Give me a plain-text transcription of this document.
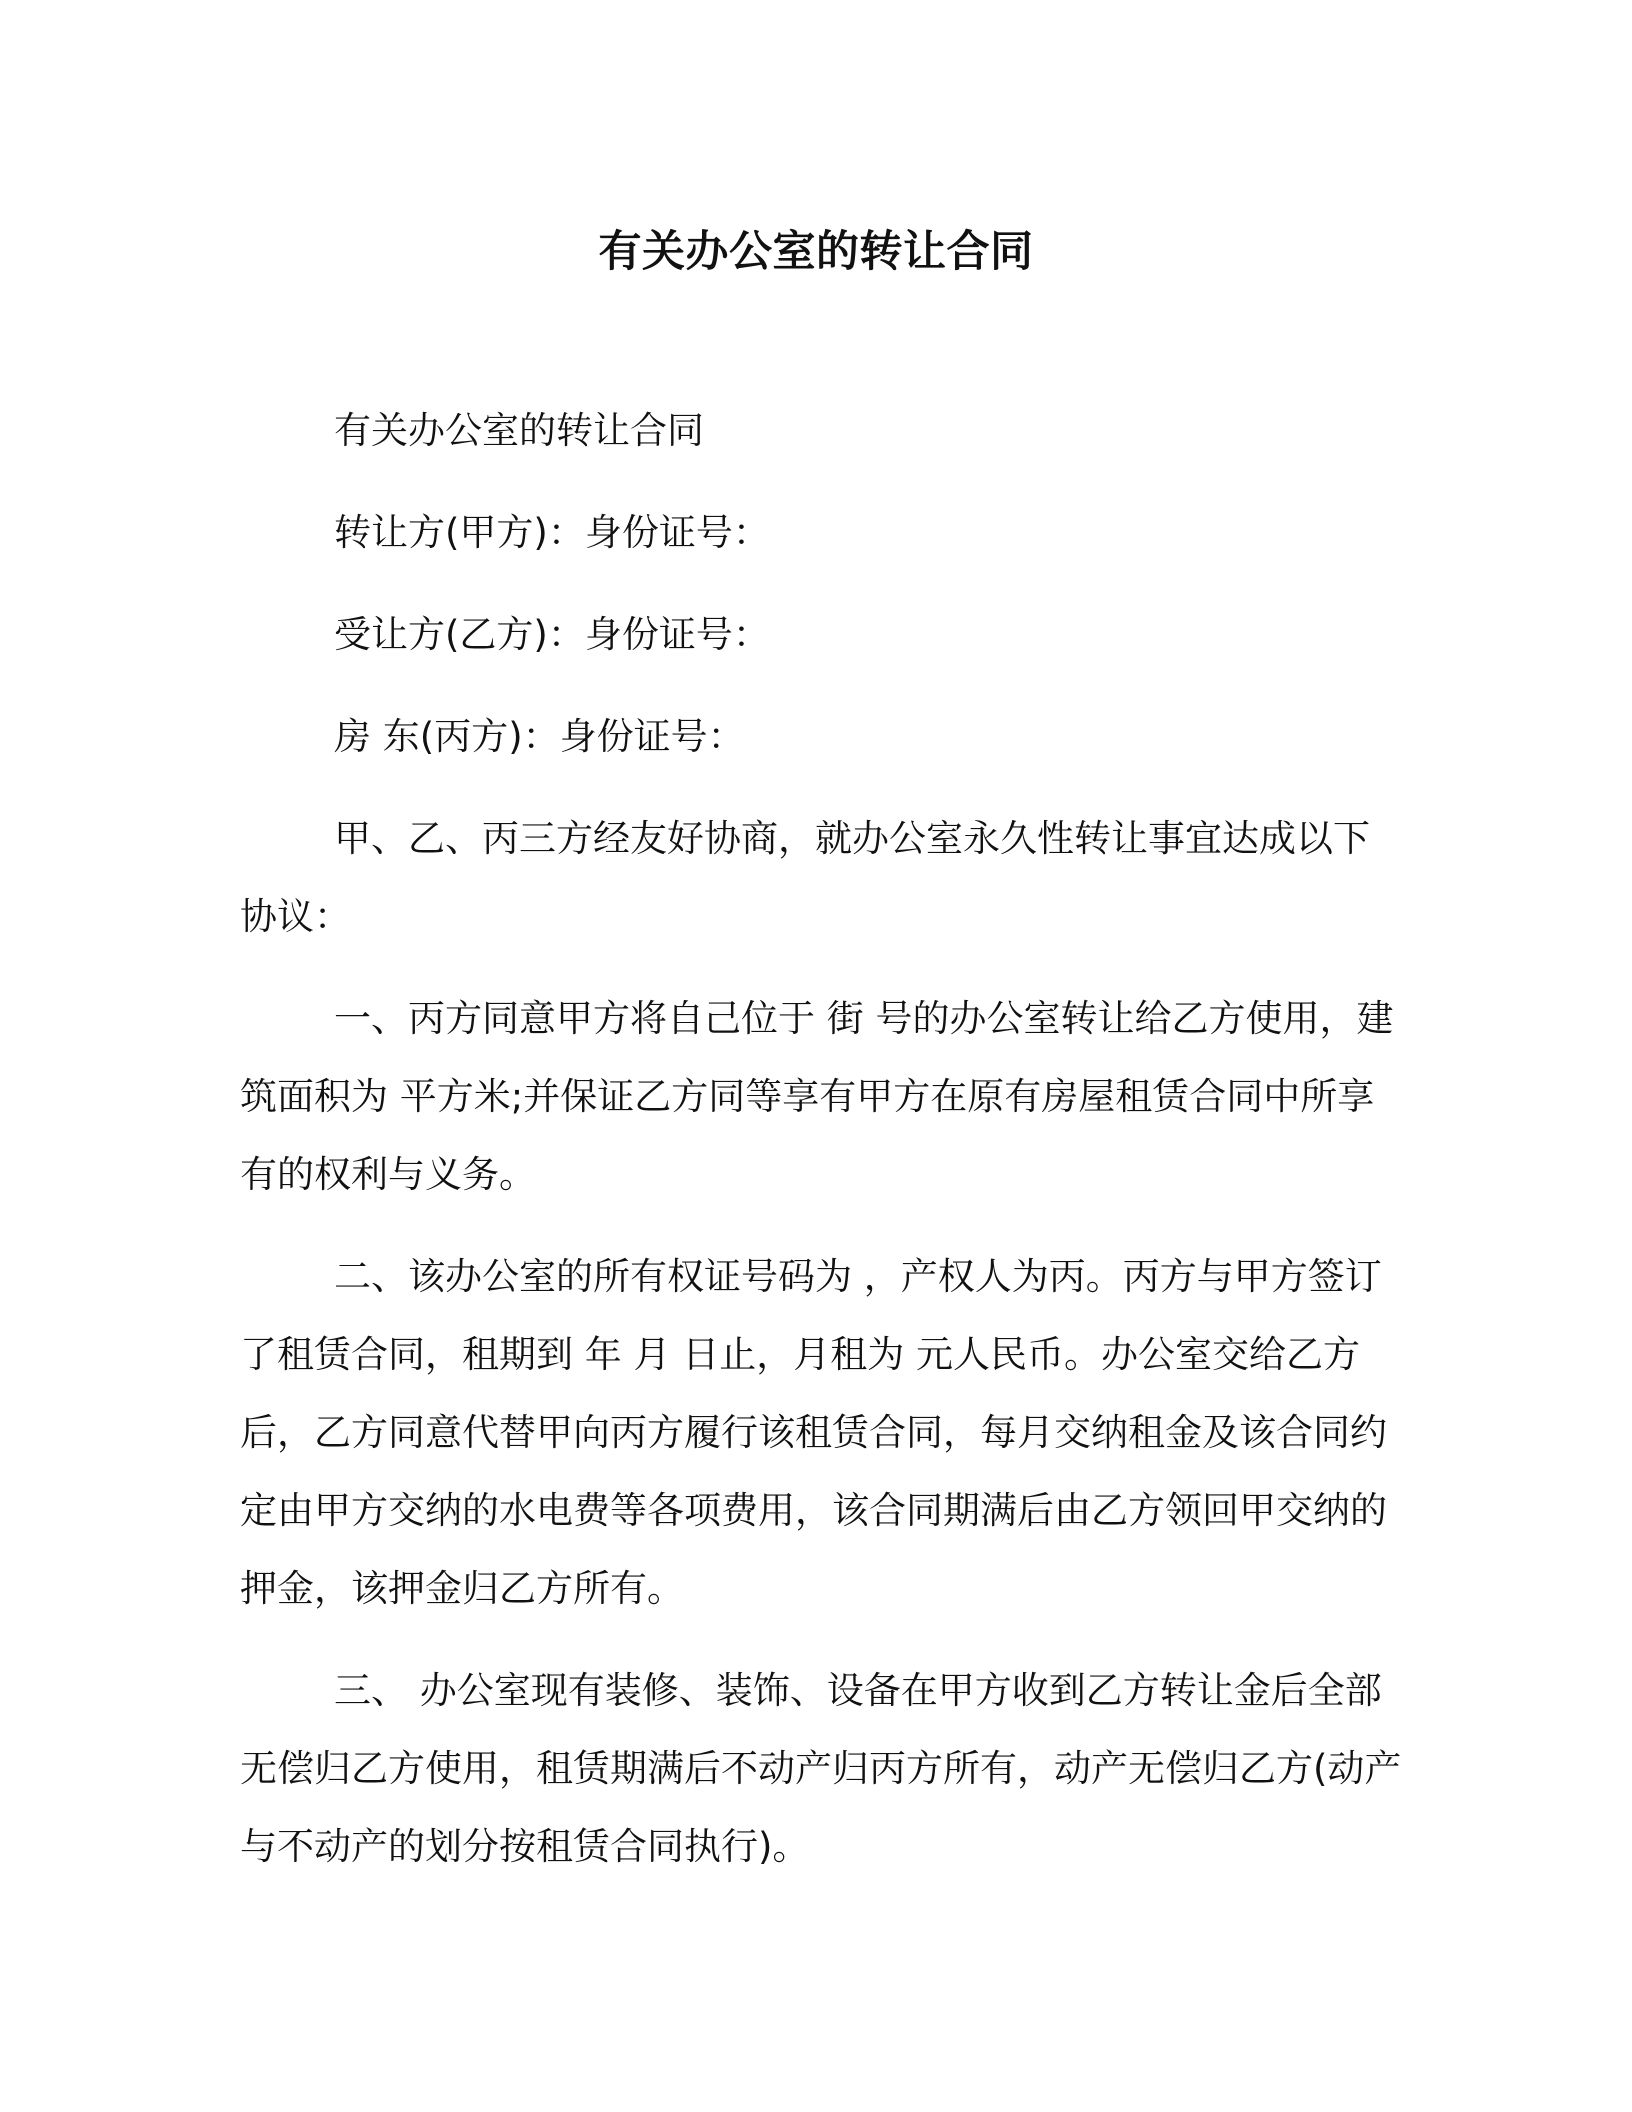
有关办公室的转让合同

有关办公室的转让合同

转让方(甲方)：身份证号：

受让方(乙方)：身份证号：

房 东(丙方)：身份证号：

甲、乙、丙三方经友好协商，就办公室永久性转让事宜达成以下协议：

一、丙方同意甲方将自己位于 街 号的办公室转让给乙方使用，建筑面积为 平方米;并保证乙方同等享有甲方在原有房屋租赁合同中所享有的权利与义务。

二、该办公室的所有权证号码为 ，产权人为丙。丙方与甲方签订了租赁合同，租期到 年 月 日止，月租为 元人民币。办公室交给乙方后，乙方同意代替甲向丙方履行该租赁合同，每月交纳租金及该合同约定由甲方交纳的水电费等各项费用，该合同期满后由乙方领回甲交纳的押金，该押金归乙方所有。

三、 办公室现有装修、装饰、设备在甲方收到乙方转让金后全部无偿归乙方使用，租赁期满后不动产归丙方所有，动产无偿归乙方(动产与不动产的划分按租赁合同执行)。
